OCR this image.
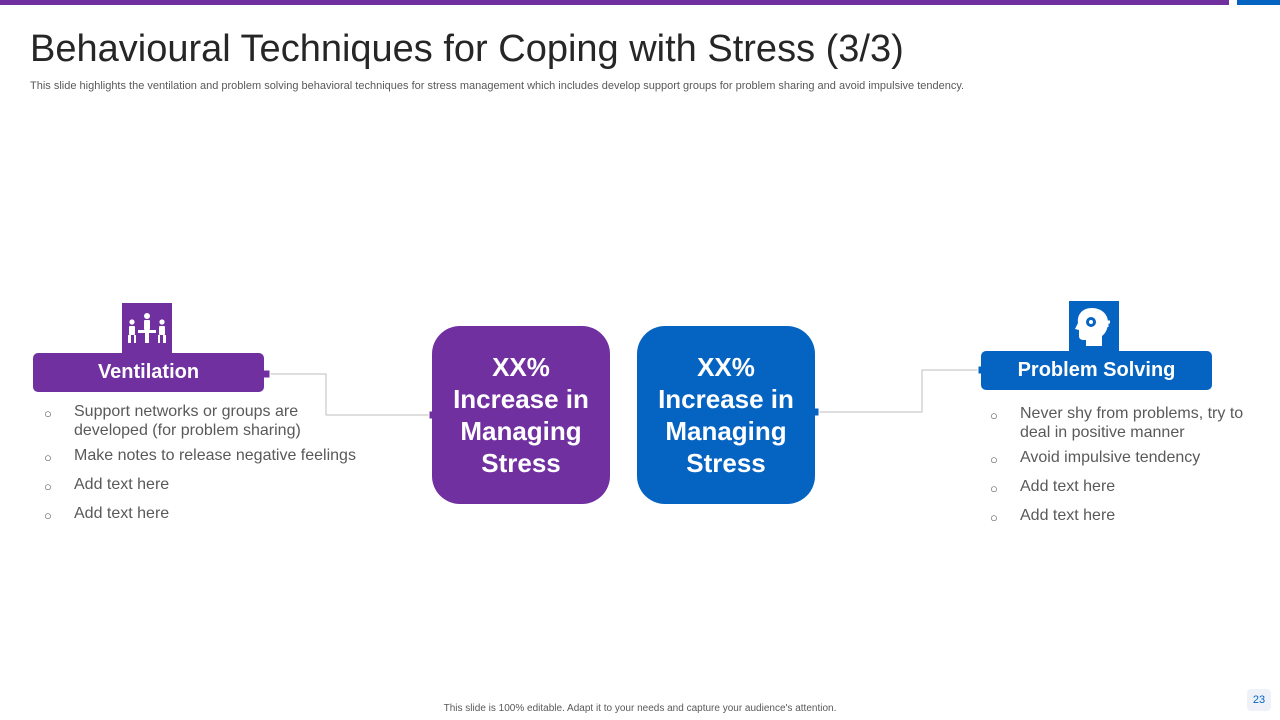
Behavioural Techniques for Coping with Stress (3/3)

This slide highlights the ventilation and problem solving behavioral techniques for stress management which includes develop support groups for problem sharing and avoid impulsive tendency.

Ventilation
○ Support networks or groups are developed (for problem sharing)
○ Make notes to release negative feelings
○ Add text here
○ Add text here
XX%
Increase in
Managing
Stress
XX%
Increase in
Managing
Stress
Problem Solving
○ Never shy from problems, try to deal in positive manner
○ Avoid impulsive tendency
○ Add text here
○ Add text here
This slide is 100% editable. Adapt it to your needs and capture your audience's attention.
23
